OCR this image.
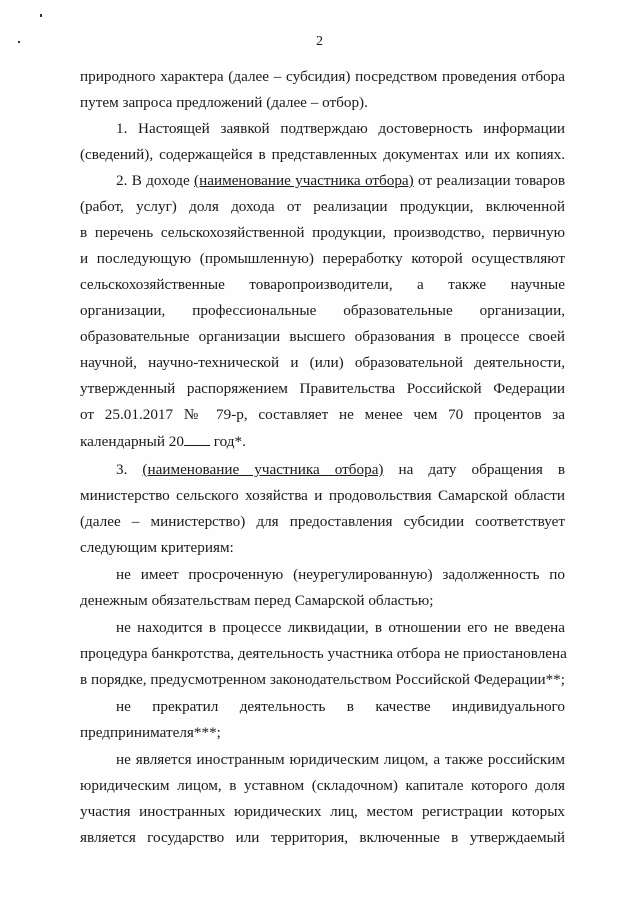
2
природного характера (далее – субсидия) посредством проведения отбора
путем запроса предложений (далее – отбор).
1. Настоящей заявкой подтверждаю достоверность информации
(сведений), содержащейся в представленных документах или их копиях.
2. В доходе (наименование участника отбора) от реализации товаров
(работ, услуг) доля дохода от реализации продукции, включенной
в перечень сельскохозяйственной продукции, производство, первичную
и последующую (промышленную) переработку которой осуществляют
сельскохозяйственные товаропроизводители, а также научные
организации, профессиональные образовательные организации,
образовательные организации высшего образования в процессе своей
научной, научно-технической и (или) образовательной деятельности,
утвержденный распоряжением Правительства Российской Федерации
от 25.01.2017 № 79-р, составляет не менее чем 70 процентов за
календарный 20 год*.
3. (наименование участника отбора) на дату обращения в
министерство сельского хозяйства и продовольствия Самарской области
(далее – министерство) для предоставления субсидии соответствует
следующим критериям:
не имеет просроченную (неурегулированную) задолженность по
денежным обязательствам перед Самарской областью;
не находится в процессе ликвидации, в отношении его не введена
процедура банкротства, деятельность участника отбора не приостановлена
в порядке, предусмотренном законодательством Российской Федерации**;
не прекратил деятельность в качестве индивидуального
предпринимателя***;
не является иностранным юридическим лицом, а также российским
юридическим лицом, в уставном (складочном) капитале которого доля
участия иностранных юридических лиц, местом регистрации которых
является государство или территория, включенные в утверждаемый
